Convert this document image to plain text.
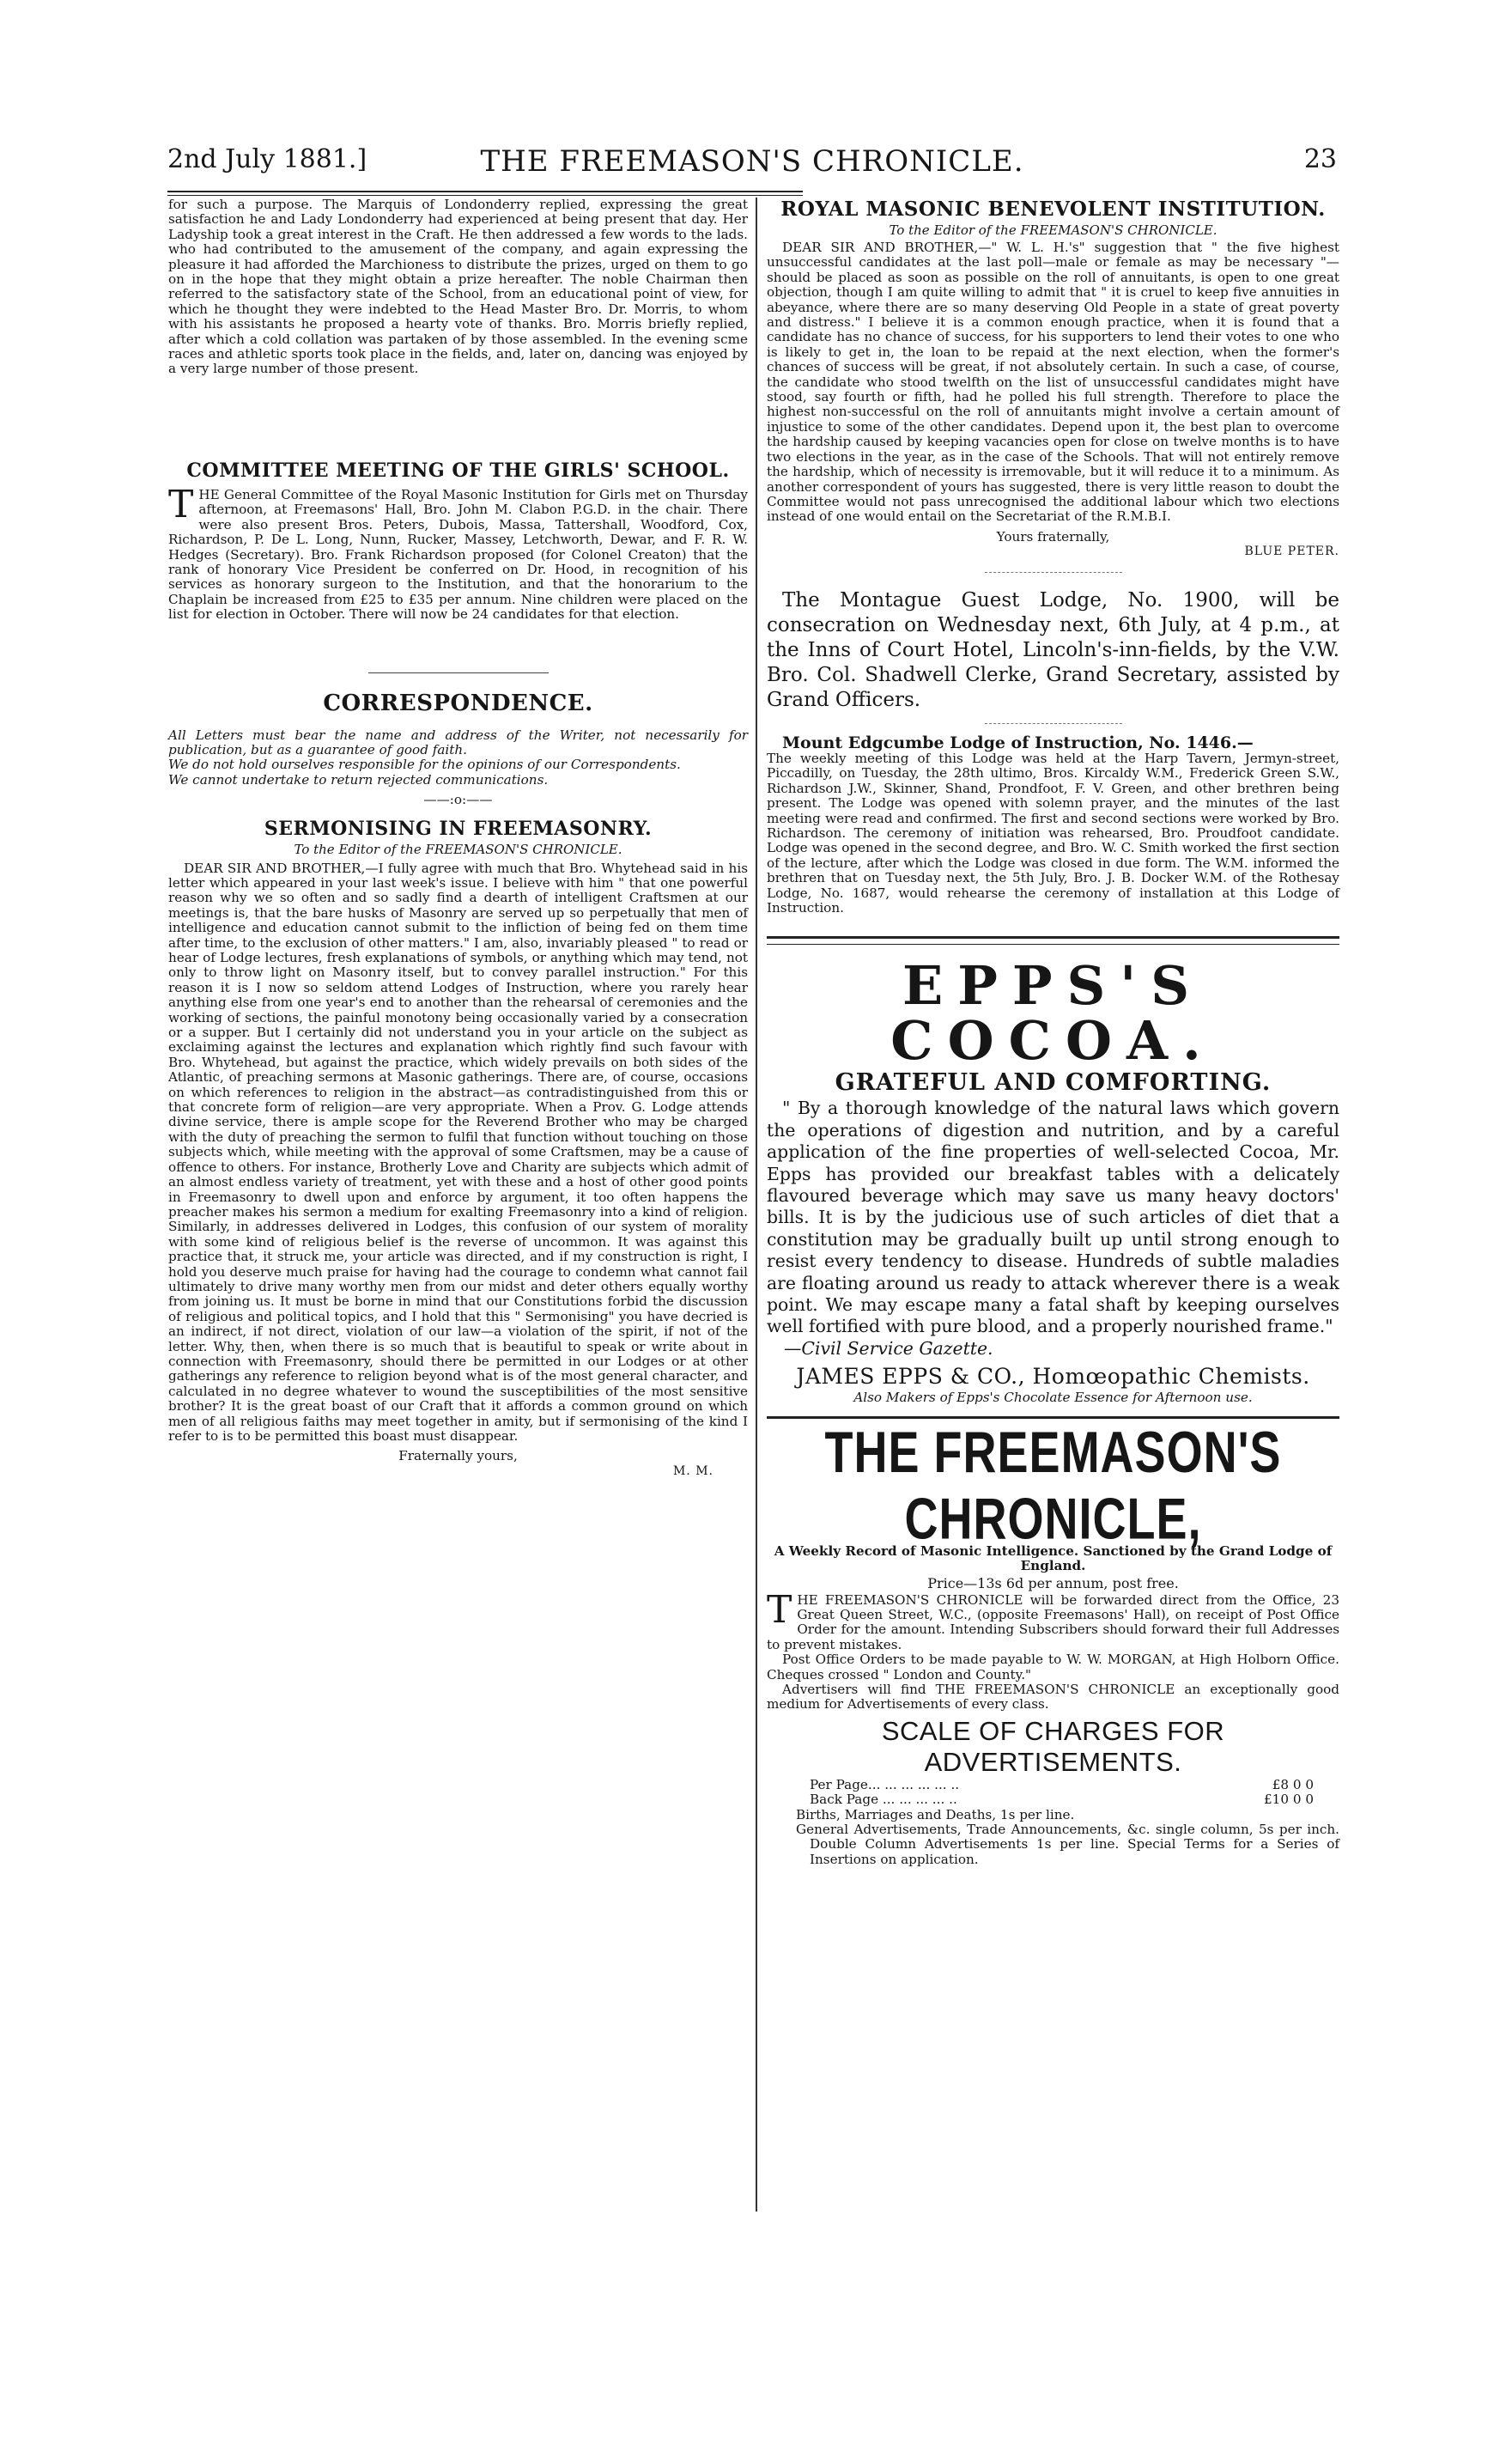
2nd July 1881.]	THE FREEMASON'S CHRONICLE.	23

for such a purpose. The Marquis of Londonderry replied, expressing the great satisfaction he and Lady Londonderry had experienced at being present that day. Her Ladyship took a great interest in the Craft. He then addressed a few words to the lads. who had contributed to the amusement of the company, and again expressing the pleasure it had afforded the Marchioness to distribute the prizes, urged on them to go on in the hope that they might obtain a prize hereafter. The noble Chairman then referred to the satisfactory state of the School, from an educational point of view, for which he thought they were indebted to the Head Master Bro. Dr. Morris, to whom with his assistants he proposed a hearty vote of thanks. Bro. Morris briefly replied, after which a cold collation was partaken of by those assembled. In the evening scme races and athletic sports took place in the fields, and, later on, dancing was enjoyed by a very large number of those present.

COMMITTEE MEETING OF THE GIRLS' SCHOOL.

THE General Committee of the Royal Masonic Institution for Girls met on Thursday afternoon, at Freemasons' Hall, Bro. John M. Clabon P.G.D. in the chair. There were also present Bros. Peters, Dubois, Massa, Tattershall, Woodford, Cox, Richardson, P. De L. Long, Nunn, Rucker, Massey, Letchworth, Dewar, and F. R. W. Hedges (Secretary). Bro. Frank Richardson proposed (for Colonel Creaton) that the rank of honorary Vice President be conferred on Dr. Hood, in recognition of his services as honorary surgeon to the Institution, and that the honorarium to the Chaplain be increased from £25 to £35 per annum. Nine children were placed on the list for election in October. There will now be 24 candidates for that election.

CORRESPONDENCE.

All Letters must bear the name and address of the Writer, not necessarily for publication, but as a guarantee of good faith.

We do not hold ourselves responsible for the opinions of our Correspondents.

We cannot undertake to return rejected communications.

——:o:——

SERMONISING IN FREEMASONRY.

To the Editor of the FREEMASON'S CHRONICLE.

DEAR SIR AND BROTHER,—I fully agree with much that Bro. Whytehead said in his letter which appeared in your last week's issue. I believe with him " that one powerful reason why we so often and so sadly find a dearth of intelligent Craftsmen at our meetings is, that the bare husks of Masonry are served up so perpetually that men of intelligence and education cannot submit to the infliction of being fed on them time after time, to the exclusion of other matters." I am, also, invariably pleased " to read or hear of Lodge lectures, fresh explanations of symbols, or anything which may tend, not only to throw light on Masonry itself, but to convey parallel instruction." For this reason it is I now so seldom attend Lodges of Instruction, where you rarely hear anything else from one year's end to another than the rehearsal of ceremonies and the working of sections, the painful monotony being occasionally varied by a consecration or a supper. But I certainly did not understand you in your article on the subject as exclaiming against the lectures and explanation which rightly find such favour with Bro. Whytehead, but against the practice, which widely prevails on both sides of the Atlantic, of preaching sermons at Masonic gatherings. There are, of course, occasions on which references to religion in the abstract—as contradistinguished from this or that concrete form of religion—are very appropriate. When a Prov. G. Lodge attends divine service, there is ample scope for the Reverend Brother who may be charged with the duty of preaching the sermon to fulfil that function without touching on those subjects which, while meeting with the approval of some Craftsmen, may be a cause of offence to others. For instance, Brotherly Love and Charity are subjects which admit of an almost endless variety of treatment, yet with these and a host of other good points in Freemasonry to dwell upon and enforce by argument, it too often happens the preacher makes his sermon a medium for exalting Freemasonry into a kind of religion. Similarly, in addresses delivered in Lodges, this confusion of our system of morality with some kind of religious belief is the reverse of uncommon. It was against this practice that, it struck me, your article was directed, and if my construction is right, I hold you deserve much praise for having had the courage to condemn what cannot fail ultimately to drive many worthy men from our midst and deter others equally worthy from joining us. It must be borne in mind that our Constitutions forbid the discussion of religious and political topics, and I hold that this " Sermonising" you have decried is an indirect, if not direct, violation of our law—a violation of the spirit, if not of the letter. Why, then, when there is so much that is beautiful to speak or write about in connection with Freemasonry, should there be permitted in our Lodges or at other gatherings any reference to religion beyond what is of the most general character, and calculated in no degree whatever to wound the susceptibilities of the most sensitive brother? It is the great boast of our Craft that it affords a common ground on which men of all religious faiths may meet together in amity, but if sermonising of the kind I refer to is to be permitted this boast must disappear.

Fraternally yours,

M. M.

ROYAL MASONIC BENEVOLENT INSTITUTION.

To the Editor of the FREEMASON'S CHRONICLE.

DEAR SIR AND BROTHER,—" W. L. H.'s" suggestion that " the five highest unsuccessful candidates at the last poll—male or female as may be necessary "—should be placed as soon as possible on the roll of annuitants, is open to one great objection, though I am quite willing to admit that " it is cruel to keep five annuities in abeyance, where there are so many deserving Old People in a state of great poverty and distress." I believe it is a common enough practice, when it is found that a candidate has no chance of success, for his supporters to lend their votes to one who is likely to get in, the loan to be repaid at the next election, when the former's chances of success will be great, if not absolutely certain. In such a case, of course, the candidate who stood twelfth on the list of unsuccessful candidates might have stood, say fourth or fifth, had he polled his full strength. Therefore to place the highest non-successful on the roll of annuitants might involve a certain amount of injustice to some of the other candidates. Depend upon it, the best plan to overcome the hardship caused by keeping vacancies open for close on twelve months is to have two elections in the year, as in the case of the Schools. That will not entirely remove the hardship, which of necessity is irremovable, but it will reduce it to a minimum. As another correspondent of yours has suggested, there is very little reason to doubt the Committee would not pass unrecognised the additional labour which two elections instead of one would entail on the Secretariat of the R.M.B.I.

Yours fraternally,

BLUE PETER.

The Montague Guest Lodge, No. 1900, will be consecration on Wednesday next, 6th July, at 4 p.m., at the Inns of Court Hotel, Lincoln's-inn-fields, by the V.W. Bro. Col. Shadwell Clerke, Grand Secretary, assisted by Grand Officers.

Mount Edgcumbe Lodge of Instruction, No. 1446.—
The weekly meeting of this Lodge was held at the Harp Tavern, Jermyn-street, Piccadilly, on Tuesday, the 28th ultimo, Bros. Kircaldy W.M., Frederick Green S.W., Richardson J.W., Skinner, Shand, Prondfoot, F. V. Green, and other brethren being present. The Lodge was opened with solemn prayer, and the minutes of the last meeting were read and confirmed. The first and second sections were worked by Bro. Richardson. The ceremony of initiation was rehearsed, Bro. Proudfoot candidate. Lodge was opened in the second degree, and Bro. W. C. Smith worked the first section of the lecture, after which the Lodge was closed in due form. The W.M. informed the brethren that on Tuesday next, the 5th July, Bro. J. B. Docker W.M. of the Rothesay Lodge, No. 1687, would rehearse the ceremony of installation at this Lodge of Instruction.

EPPS'S COCOA.
GRATEFUL AND COMFORTING.

" By a thorough knowledge of the natural laws which govern the operations of digestion and nutrition, and by a careful application of the fine properties of well-selected Cocoa, Mr. Epps has provided our breakfast tables with a delicately flavoured beverage which may save us many heavy doctors' bills. It is by the judicious use of such articles of diet that a constitution may be gradually built up until strong enough to resist every tendency to disease. Hundreds of subtle maladies are floating around us ready to attack wherever there is a weak point. We may escape many a fatal shaft by keeping ourselves well fortified with pure blood, and a properly nourished frame."

—Civil Service Gazette.

JAMES EPPS & CO., Homœopathic Chemists.

Also Makers of Epps's Chocolate Essence for Afternoon use.

THE FREEMASON'S CHRONICLE,

A Weekly Record of Masonic Intelligence. Sanctioned by the Grand Lodge of England.

Price—13s 6d per annum, post free.

THE FREEMASON'S CHRONICLE will be forwarded direct from the Office, 23 Great Queen Street, W.C., (opposite Freemasons' Hall), on receipt of Post Office Order for the amount. Intending Subscribers should forward their full Addresses to prevent mistakes.

Post Office Orders to be made payable to W. W. MORGAN, at High Holborn Office. Cheques crossed " London and County."

Advertisers will find THE FREEMASON'S CHRONICLE an exceptionally good medium for Advertisements of every class.

SCALE OF CHARGES FOR ADVERTISEMENTS.

Per Page... ... ... ... ... ..	£8 0 0
Back Page ... ... ... ... ..	£10 0 0

Births, Marriages and Deaths, 1s per line.

General Advertisements, Trade Announcements, &c. single column, 5s per inch. Double Column Advertisements 1s per line. Special Terms for a Series of Insertions on application.
